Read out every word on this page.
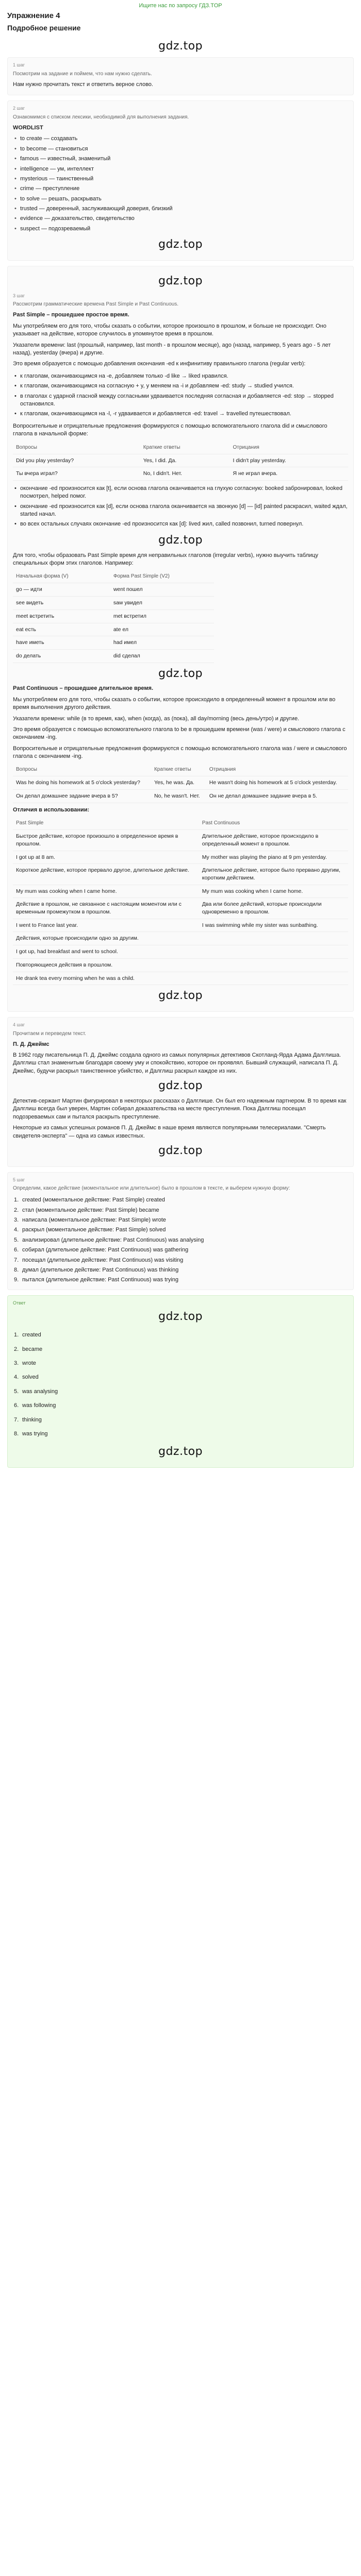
Ищите нас по запросу ГДЗ.TOP
Упражнение 4
Подробное решение
gdz.top
1 шаг
Посмотрим на задание и поймем, что нам нужно сделать.
Нам нужно прочитать текст и ответить верное слово.
2 шаг
Ознакомимся с списком лексики, необходимой для выполнения задания.
WORDLIST
• to create — создавать
• to become — становиться
• famous — известный, знаменитый
• intelligence — ум, интеллект
• mysterious — таинственный
• crime — преступление
• to solve — решать, раскрывать
• trusted — доверенный, заслуживающий доверия, близкий
• evidence — доказательство, свидетельство
• suspect — подозреваемый
gdz.top
gdz.top
3 шаг
Рассмотрим грамматические времена Past Simple и Past Continuous.
Past Simple – прошедшее простое время.
Мы употребляем его для того, чтобы сказать о событии, которое произошло в прошлом, и больше не происходит. Оно указывает на действие, которое случилось в упомянутое время в прошлом.
Указатели времени: last (прошлый, например, last month - в прошлом месяце), ago (назад, например, 5 years ago - 5 лет назад), yesterday (вчера) и другие.
Это время образуется с помощью добавления окончания -ed к инфинитиву правильного глагола (regular verb):
• к глаголам, оканчивающимся на -e, добавляем только -d like → liked нравился.
• к глаголам, оканчивающимся на согласную + y, у меняем на -i и добавляем -ed: study → studied учился.
• в глаголах с ударной гласной между согласными удваивается последняя согласная и добавляется -ed: stop → stopped остановился.
• к глаголам, оканчивающимся на -l, -r удваивается и добавляется -ed: travel → travelled путешествовал.
Вопросительные и отрицательные предложения формируются с помощью вспомогательного глагола did и смыслового глагола в начальной форме:
Вопросы	Краткие ответы	Отрицания
Did you play yesterday?	Yes, I did. Да.	I didn't play yesterday.
Ты вчера играл?	No, I didn't. Нет.	Я не играл вчера.
• окончание -ed произносится как [t], если основа глагола оканчивается на глухую согласную: booked забронировал, looked посмотрел, helped помог.
• окончание -ed произносится как [d], если основа глагола оканчивается на звонкую [d] — [id] painted раскрасил, waited ждал, started начал.
• во всех остальных случаях окончание -ed произносится как [d]: lived жил, called позвонил, turned повернул.
gdz.top
Для того, чтобы образовать Past Simple время для неправильных глаголов (irregular verbs), нужно выучить таблицу специальных форм этих глаголов. Например:
Начальная форма (V)	Форма Past Simple (V2)
go — идти	went пошел
see видеть	saw увидел
meet встретить	met встретил
eat есть	ate ел
have иметь	had имел
do делать	did сделал
gdz.top
Past Continuous – прошедшее длительное время.
Мы употребляем его для того, чтобы сказать о событии, которое происходило в определенный момент в прошлом или во время выполнения другого действия.
Указатели времени: while (в то время, как), when (когда), as (пока), all day/morning (весь день/утро) и другие.
Это время образуется с помощью вспомогательного глагола to be в прошедшем времени (was / were) и смыслового глагола с окончанием -ing.
Вопросительные и отрицательные предложения формируются с помощью вспомогательного глагола was / were и смыслового глагола с окончанием -ing.
Вопросы	Краткие ответы	Отрицания
Was he doing his homework at 5 o'clock yesterday?	Yes, he was. Да.	He wasn't doing his homework at 5 o'clock yesterday.
Он делал домашнее задание вчера в 5?	No, he wasn't. Нет.	Он не делал домашнее задание вчера в 5.
Отличия в использовании:
Past Simple	Past Continuous
Быстрое действие, которое произошло в определенное время в прошлом.	Длительное действие, которое происходило в определенный момент в прошлом.
I got up at 8 am.	My mother was playing the piano at 9 pm yesterday.
Короткое действие, которое прервало другое, длительное действие.	Длительное действие, которое было прервано другим, коротким действием.
My mum was cooking when I came home.	My mum was cooking when I came home.
Действие в прошлом, не связанное с настоящим моментом или с временным промежутком в прошлом.	Два или более действий, которые происходили одновременно в прошлом.
I went to France last year.	I was swimming while my sister was sunbathing.
Действия, которые происходили одно за другим.	
I got up, had breakfast and went to school.	
Повторяющиеся действия в прошлом.	
He drank tea every morning when he was a child.	
gdz.top
4 шаг
Прочитаем и переведем текст.
П. Д. Джеймс
В 1962 году писательница П. Д. Джеймс создала одного из самых популярных детективов Скотланд-Ярда Адама Далглиша. Далглиш стал знаменитым благодаря своему уму и спокойствию, которое он проявлял. Бывший служащий, написала П. Д. Джеймс, будучи раскрыл таинственное убийство, и Далглиш раскрыл каждое из них.
gdz.top
Детектив-сержант Мартин фигурировал в некоторых рассказах о Далглише. Он был его надежным партнером. В то время как Далглиш всегда был уверен, Мартин собирал доказательства на месте преступления. Пока Далглиш посещал подозреваемых сам и пытался раскрыть преступление.
Некоторые из самых успешных романов П. Д. Джеймс в наше время являются популярными телесериалами. "Смерть свидетеля-эксперта" — одна из самых известных.
gdz.top
5 шаг
Определим, какое действие (моментальное или длительное) было в прошлом в тексте, и выберем нужную форму:
created (моментальное действие: Past Simple) created
стал (моментальное действие: Past Simple) became
написала (моментальное действие: Past Simple) wrote
раскрыл (моментальное действие: Past Simple) solved
анализировал (длительное действие: Past Continuous) was analysing
собирал (длительное действие: Past Continuous) was gathering
посещал (длительное действие: Past Continuous) was visiting
думал (длительное действие: Past Continuous) was thinking
пытался (длительное действие: Past Continuous) was trying
Ответ
gdz.top
created
became
wrote
solved
was analysing
was following
thinking
was trying
gdz.top
